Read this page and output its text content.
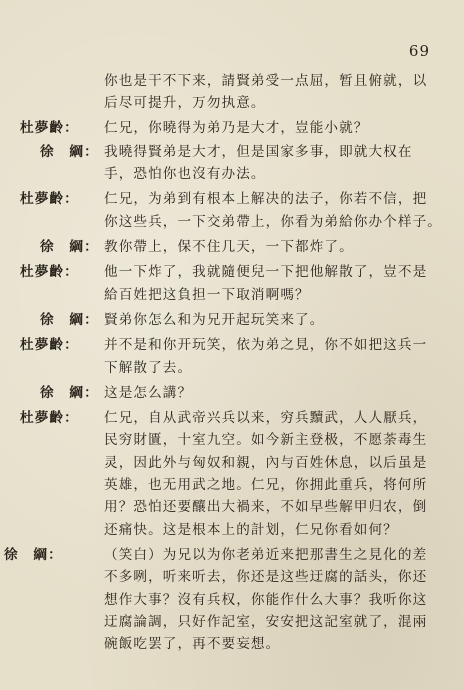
69
你也是干不下来，請賢弟受一点屈，暂且俯就，以
后尽可提升，万勿执意。
杜夢齡： 仁兄，你曉得为弟乃是大才，豈能小就？
徐　綱： 我曉得賢弟是大才，但是国家多事，即就大权在
手，恐怕你也沒有办法。
杜夢齡： 仁兄，为弟到有根本上解决的法子，你若不信，把
你这些兵，一下交弟帶上，你看为弟給你办个样子。
徐　綱： 教你帶上，保不住几天，一下都炸了。
杜夢齡： 他一下炸了，我就隨便兒一下把他解散了，豈不是
給百姓把这負担一下取消啊嗎？
徐　綱： 賢弟你怎么和为兄开起玩笑来了。
杜夢齡： 并不是和你开玩笑，依为弟之見，你不如把这兵一
下解散了去。
徐　綱： 这是怎么講？
杜夢齡： 仁兄，自从武帝兴兵以来，穷兵黷武，人人厭兵，
民穷財匱，十室九空。如今新主登极，不愿荼毒生
灵，因此外与匈奴和親，內与百姓休息，以后虽是
英雄，也无用武之地。仁兄，你拥此重兵，将何所
用？恐怕还要釀出大禍来，不如早些解甲归农，倒
还痛快。这是根本上的計划，仁兄你看如何？
徐　綱：	（笑白）为兄以为你老弟近来把那書生之見化的差
不多咧，听来听去，你还是这些迂腐的話头，你还
想作大事？沒有兵权，你能作什么大事？我听你这
迂腐論調，只好作記室，安安把这記室就了，混兩
碗飯吃罢了，再不要妄想。
